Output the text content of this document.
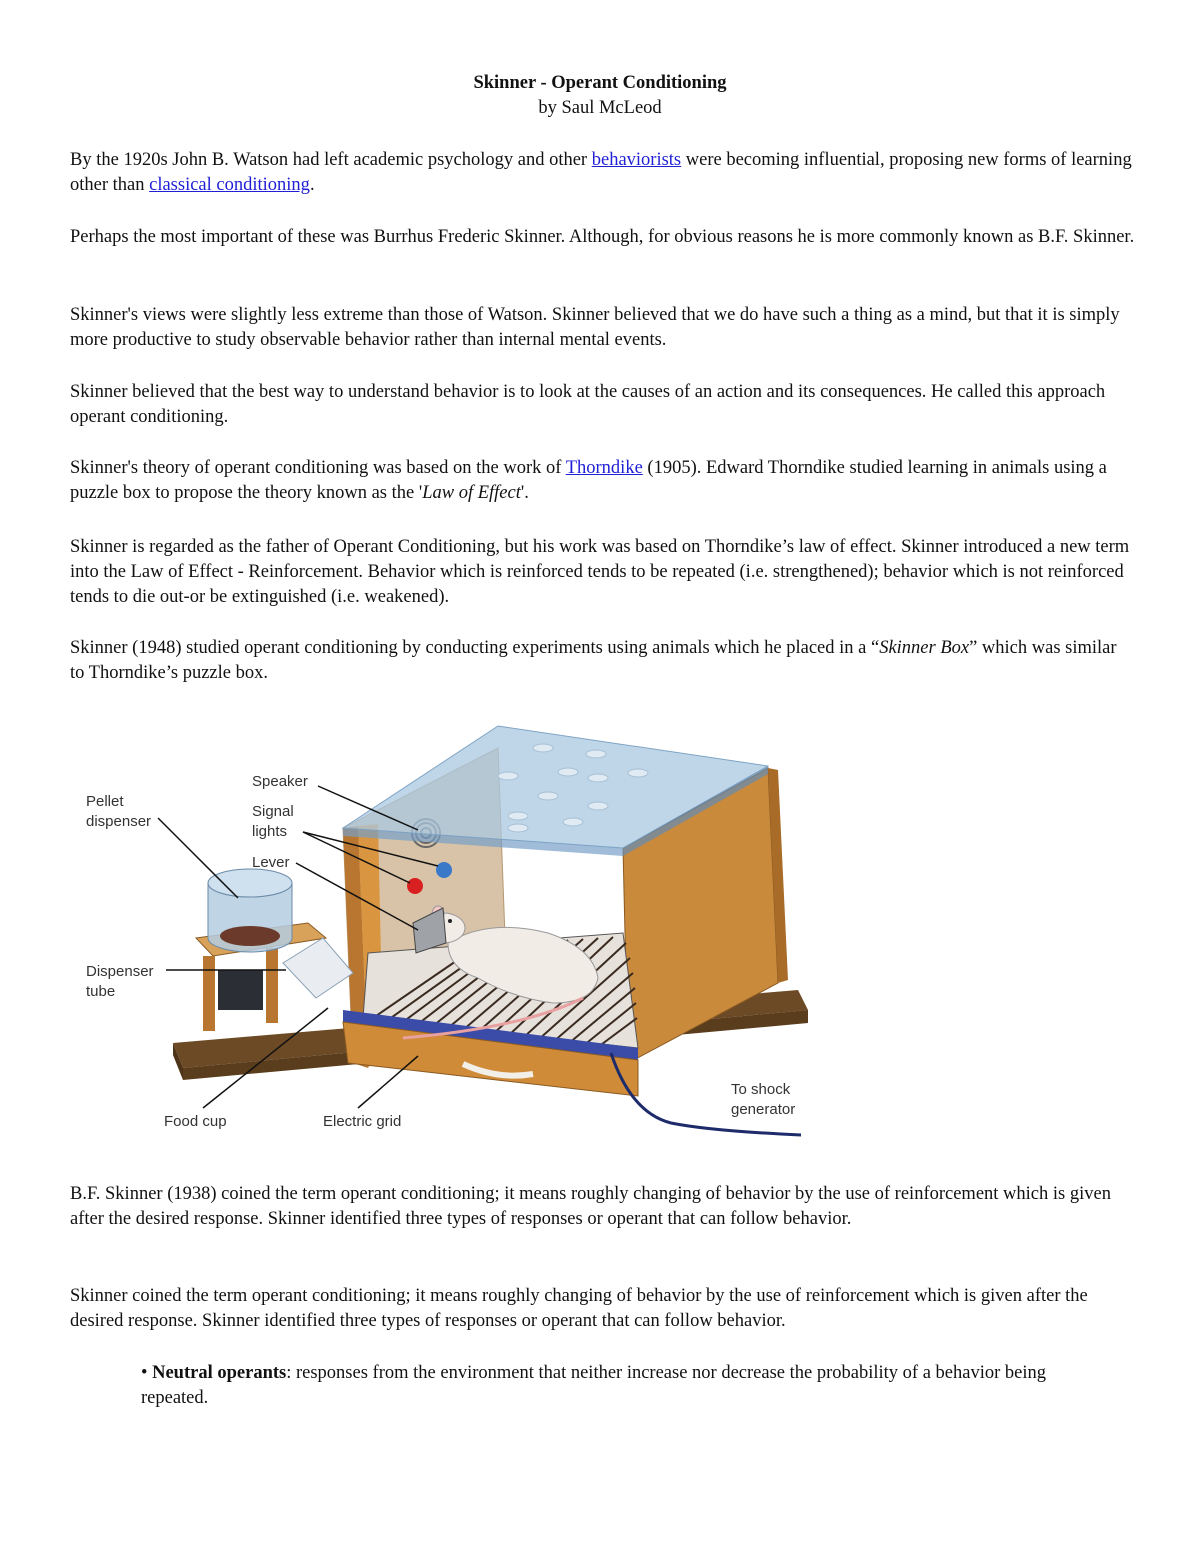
Skinner - Operant Conditioning
by Saul McLeod

By the 1920s John B. Watson had left academic psychology and other behaviorists were becoming influential, proposing new forms of learning other than classical conditioning.

Perhaps the most important of these was Burrhus Frederic Skinner. Although, for obvious reasons he is more commonly known as B.F. Skinner.

Skinner's views were slightly less extreme than those of Watson. Skinner believed that we do have such a thing as a mind, but that it is simply more productive to study observable behavior rather than internal mental events.

Skinner believed that the best way to understand behavior is to look at the causes of an action and its consequences. He called this approach operant conditioning.

Skinner's theory of operant conditioning was based on the work of Thorndike (1905). Edward Thorndike studied learning in animals using a puzzle box to propose the theory known as the 'Law of Effect'.

Skinner is regarded as the father of Operant Conditioning, but his work was based on Thorndike’s law of effect. Skinner introduced a new term into the Law of Effect - Reinforcement. Behavior which is reinforced tends to be repeated (i.e. strengthened); behavior which is not reinforced tends to die out-or be extinguished (i.e. weakened).

Skinner (1948) studied operant conditioning by conducting experiments using animals which he placed in a “Skinner Box” which was similar to Thorndike’s puzzle box.

Pellet
dispenser
Speaker
Signal
lights
Lever
Dispenser
tube
Food cup	Electric grid
To shock
generator

B.F. Skinner (1938) coined the term operant conditioning; it means roughly changing of behavior by the use of reinforcement which is given after the desired response. Skinner identified three types of responses or operant that can follow behavior.

Skinner coined the term operant conditioning; it means roughly changing of behavior by the use of reinforcement which is given after the desired response. Skinner identified three types of responses or operant that can follow behavior.

• Neutral operants: responses from the environment that neither increase nor decrease the probability of a behavior being repeated.
